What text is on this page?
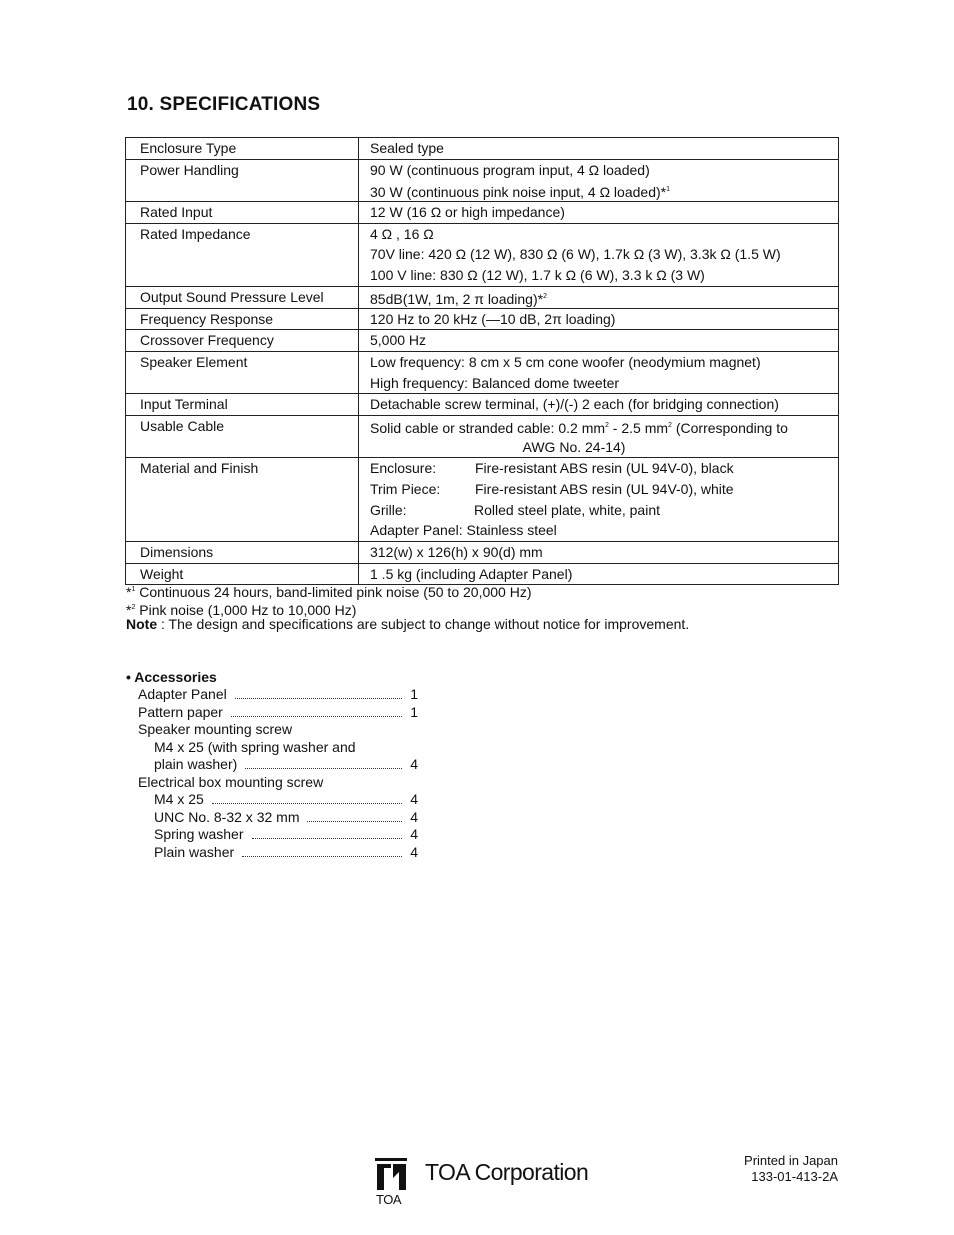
10. SPECIFICATIONS
Enclosure Type	Sealed type

Power Handling	90 W (continuous program input, 4 Ω loaded)
30 W (continuous pink noise input, 4 Ω loaded)*$^1$

Rated Input	12 W (16 Ω or high impedance)

Rated Impedance	4 Ω , 16 Ω
70V line: 420 Ω (12 W), 830 Ω (6 W), 1.7k Ω (3 W), 3.3k Ω (1.5 W)
100 V line: 830 Ω (12 W), 1.7 k Ω (6 W), 3.3 k Ω (3 W)

Output Sound Pressure Level	85dB(1W, 1m, 2 π loading)*$^2$

Frequency Response	120 Hz to 20 kHz (—10 dB, 2π loading)

Crossover Frequency	5,000 Hz

Speaker Element	Low frequency: 8 cm x 5 cm cone woofer (neodymium magnet)
High frequency: Balanced dome tweeter

Input Terminal	Detachable screw terminal, (+)/(-) 2 each (for bridging connection)

Usable Cable	Solid cable or stranded cable: 0.2 $mm^2 - 2.5$ $mm^2$ (Corresponding to
AWG No. 24-14)

Material and Finish	Enclosure: Fire-resistant ABS resin (UL 94V-0), black
Trim Piece: Fire-resistant ABS resin (UL 94V-0), white
Grille: Rolled steel plate, white, paint
Adapter Panel: Stainless steel

Dimensions	312(w) x 126(h) x 90(d) mm

Weight	1 .5 kg (including Adapter Panel)
*$^1$ Continuous 24 hours, band-limited pink noise (50 to 20,000 Hz)
*$^2$ Pink noise (1,000 Hz to 10,000 Hz)
Note : The design and specifications are subject to change without notice for improvement.
• Accessories
Adapter Panel	1
Pattern paper	1
Speaker mounting screw
M4 x 25 (with spring washer and
plain washer)	4
Electrical box mounting screw
M4 x 25	4
UNC No. 8-32 x 32 mm	4
Spring washer	4
Plain washer	4
TOA
TOA Corporation	Printed in Japan
133-01-413-2A
